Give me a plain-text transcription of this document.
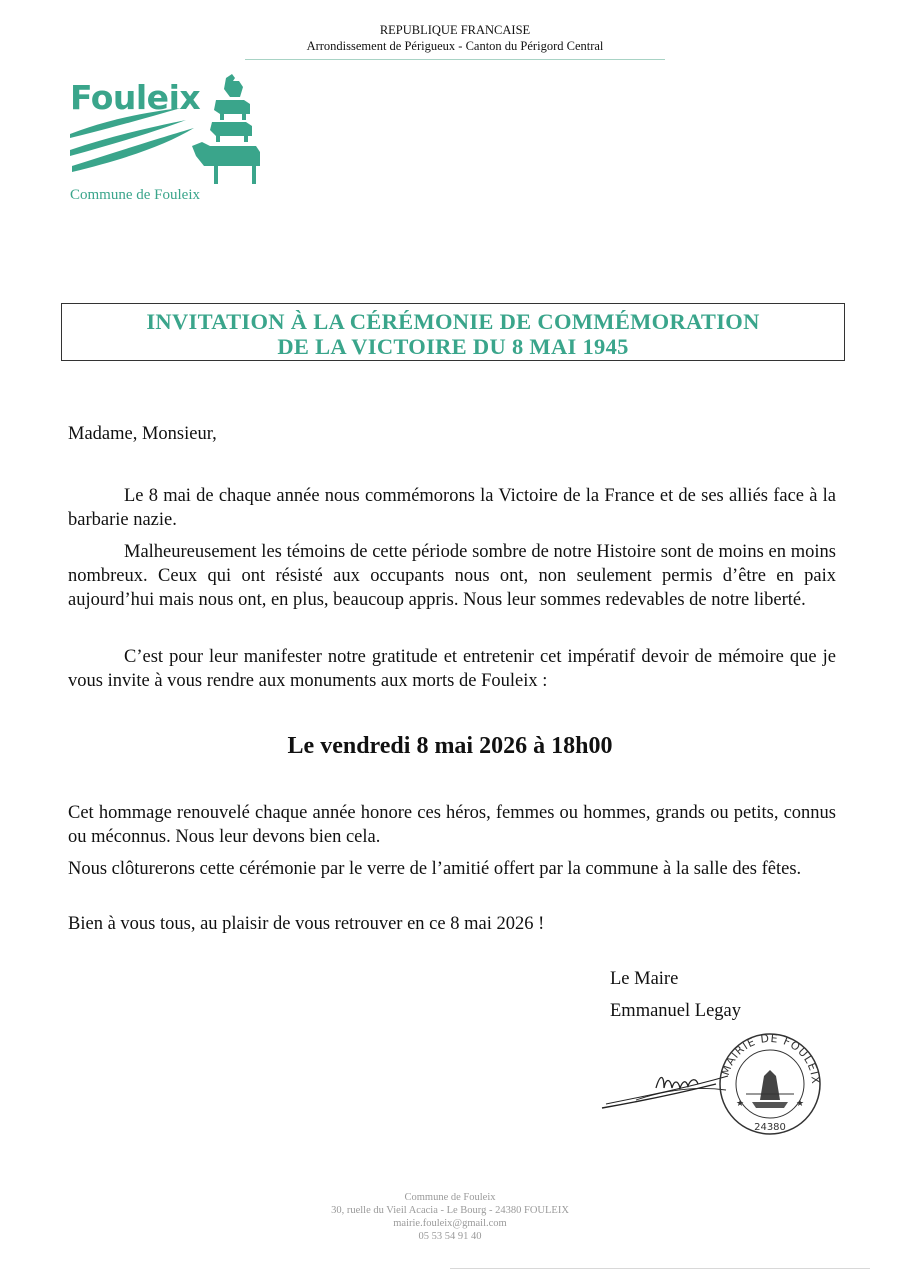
REPUBLIQUE FRANCAISE
Arrondissement de Périgueux - Canton du Périgord Central
Fouleix
Commune de Fouleix
INVITATION À LA CÉRÉMONIE DE COMMÉMORATION
DE LA VICTOIRE DU 8 MAI 1945
Madame, Monsieur,
Le 8 mai de chaque année nous commémorons la Victoire de la France et de ses alliés face à la barbarie nazie.
Malheureusement les témoins de cette période sombre de notre Histoire sont de moins en moins nombreux. Ceux qui ont résisté aux occupants nous ont, non seulement permis d’être en paix aujourd’hui mais nous ont, en plus, beaucoup appris. Nous leur sommes redevables de notre liberté.
C’est pour leur manifester notre gratitude et entretenir cet impératif devoir de mémoire que je vous invite à vous rendre aux monuments aux morts de Fouleix :
Le vendredi 8 mai 2026 à 18h00
Cet hommage renouvelé chaque année honore ces héros, femmes ou hommes, grands ou petits, connus ou méconnus. Nous leur devons bien cela.
Nous clôturerons cette cérémonie par le verre de l’amitié offert par la commune à la salle des fêtes.
Bien à vous tous, au plaisir de vous retrouver en ce 8 mai 2026 !
Le Maire
Emmanuel Legay
MAIRIE DE FOULEIX
★	★
24380
Commune de Fouleix
30, ruelle du Vieil Acacia - Le Bourg - 24380 FOULEIX
mairie.fouleix@gmail.com
05 53 54 91 40
